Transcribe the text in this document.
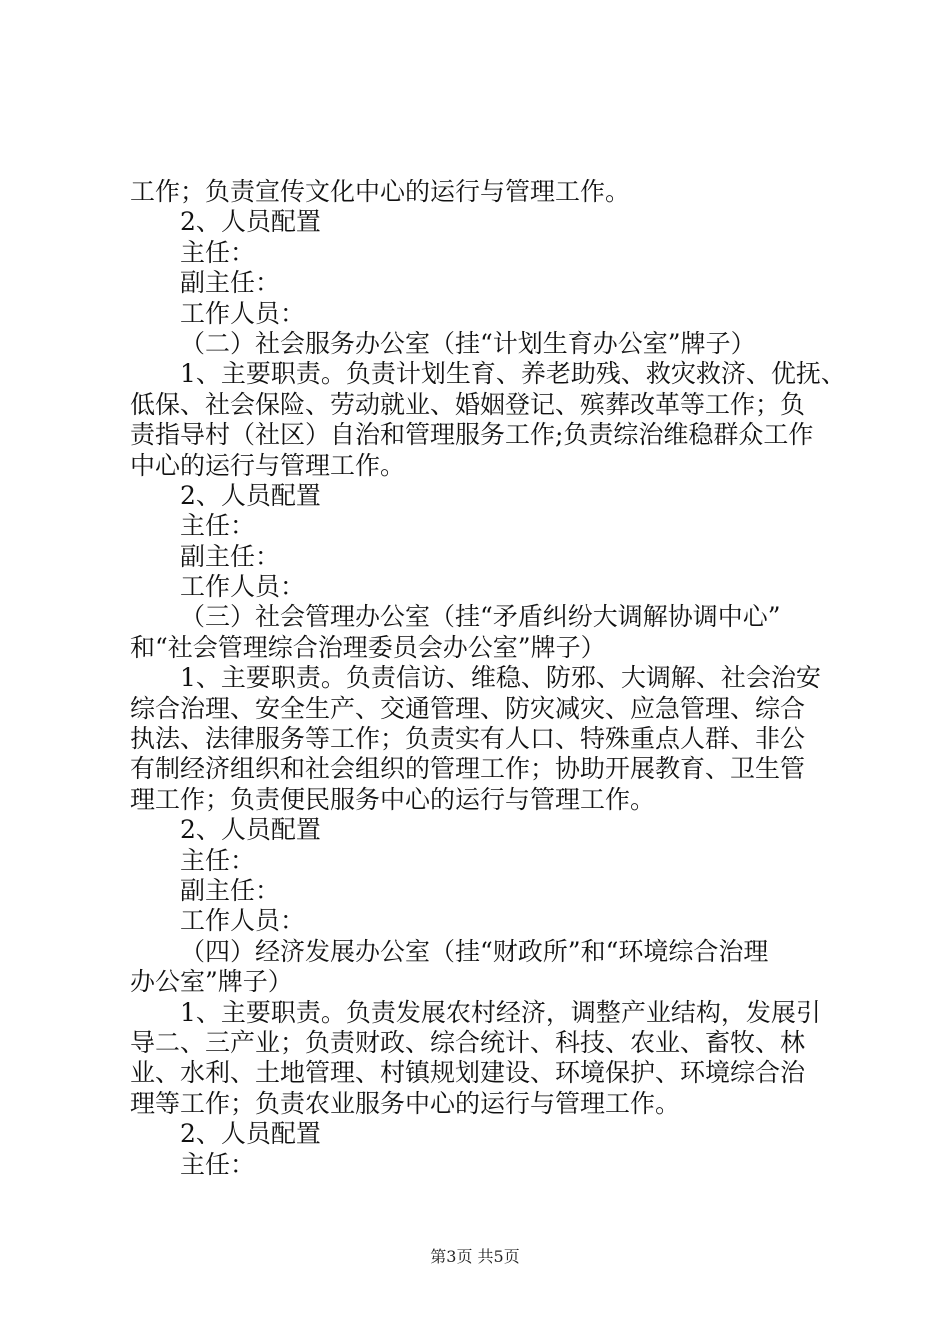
工作；负责宣传文化中心的运行与管理工作。
2、人员配置
主任：
副主任：
工作人员：
（二）社会服务办公室（挂“计划生育办公室”牌子）
1、主要职责。负责计划生育、养老助残、救灾救济、优抚、
低保、社会保险、劳动就业、婚姻登记、殡葬改革等工作；负
责指导村（社区）自治和管理服务工作;负责综治维稳群众工作
中心的运行与管理工作。
2、人员配置
主任：
副主任：
工作人员：
（三）社会管理办公室（挂“矛盾纠纷大调解协调中心”
和“社会管理综合治理委员会办公室”牌子）
1、主要职责。负责信访、维稳、防邪、大调解、社会治安
综合治理、安全生产、交通管理、防灾减灾、应急管理、综合
执法、法律服务等工作；负责实有人口、特殊重点人群、非公
有制经济组织和社会组织的管理工作；协助开展教育、卫生管
理工作；负责便民服务中心的运行与管理工作。
2、人员配置
主任：
副主任：
工作人员：
（四）经济发展办公室（挂“财政所”和“环境综合治理
办公室”牌子）
1、主要职责。负责发展农村经济，调整产业结构，发展引
导二、三产业；负责财政、综合统计、科技、农业、畜牧、林
业、水利、土地管理、村镇规划建设、环境保护、环境综合治
理等工作；负责农业服务中心的运行与管理工作。
2、人员配置
主任：
第3页 共5页
